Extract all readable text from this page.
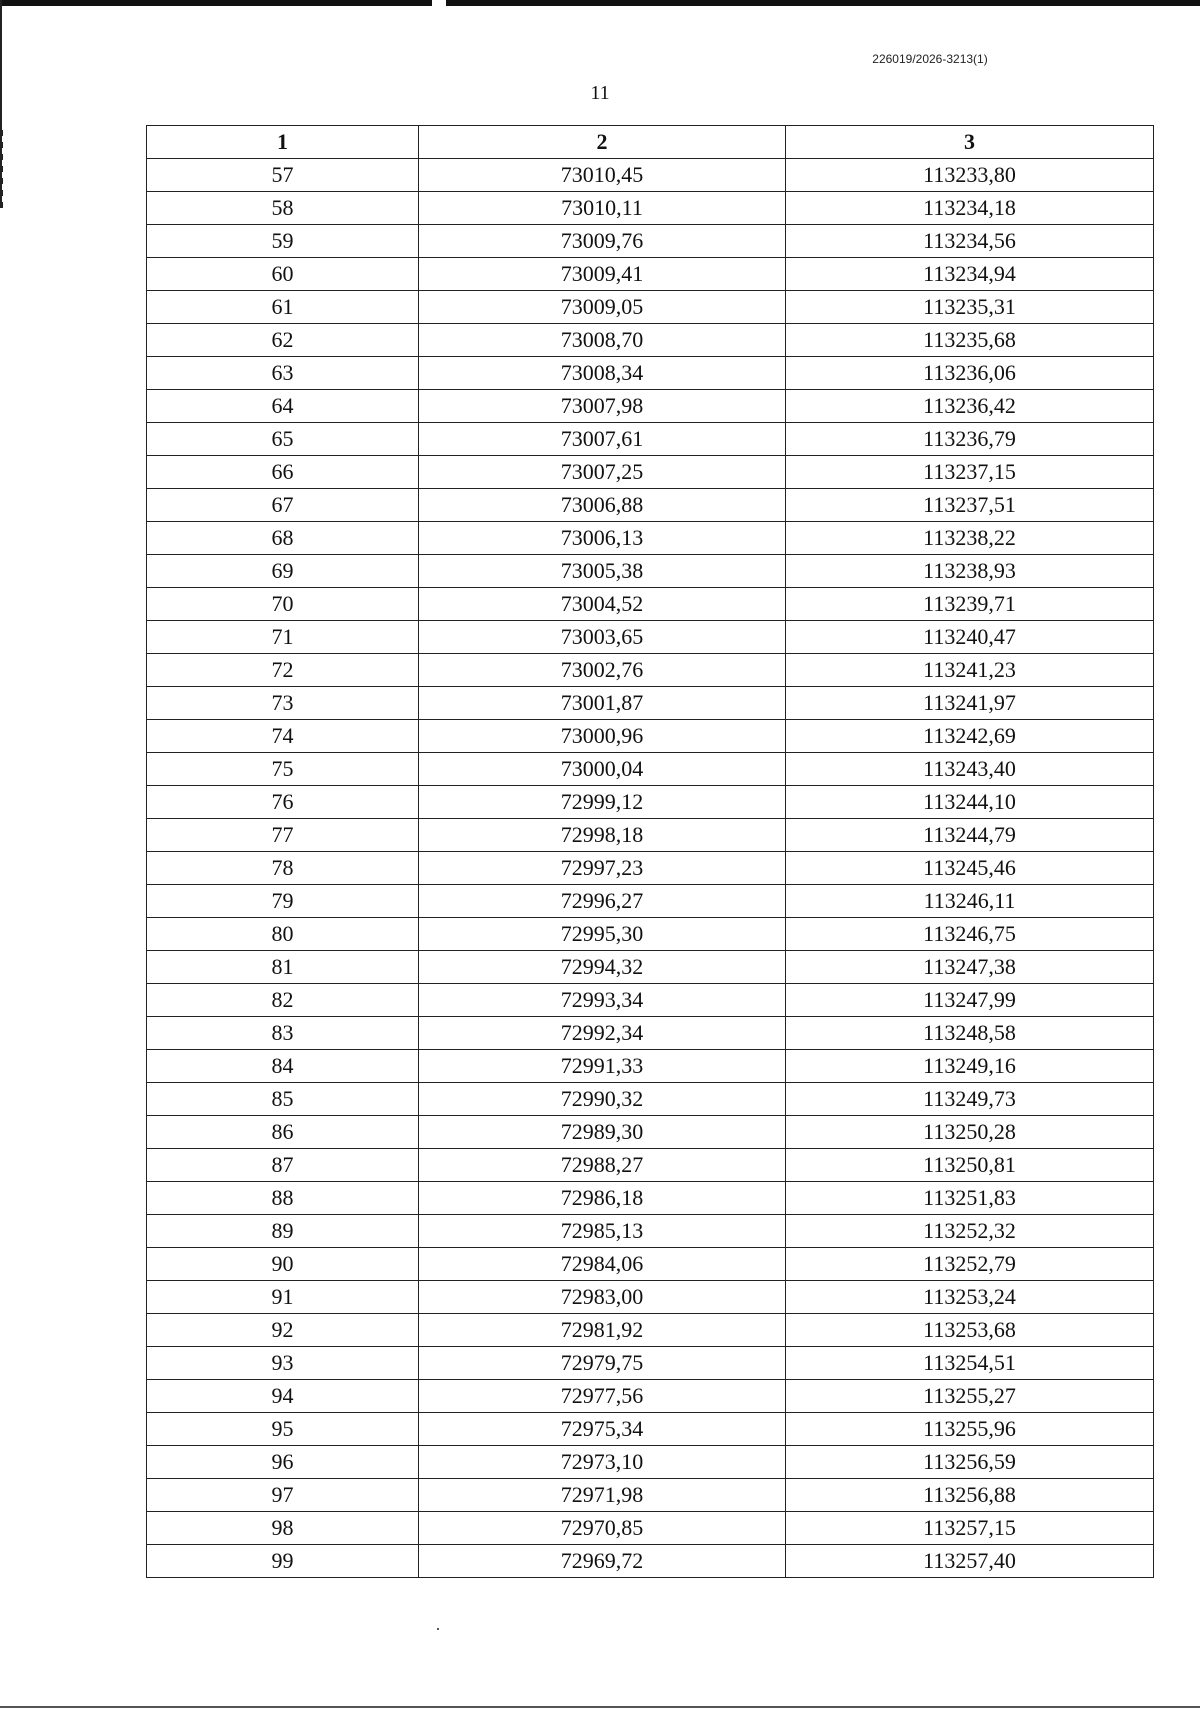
226019/2026-3213(1)
11
1	2	3
57	73010,45	113233,80
58	73010,11	113234,18
59	73009,76	113234,56
60	73009,41	113234,94
61	73009,05	113235,31
62	73008,70	113235,68
63	73008,34	113236,06
64	73007,98	113236,42
65	73007,61	113236,79
66	73007,25	113237,15
67	73006,88	113237,51
68	73006,13	113238,22
69	73005,38	113238,93
70	73004,52	113239,71
71	73003,65	113240,47
72	73002,76	113241,23
73	73001,87	113241,97
74	73000,96	113242,69
75	73000,04	113243,40
76	72999,12	113244,10
77	72998,18	113244,79
78	72997,23	113245,46
79	72996,27	113246,11
80	72995,30	113246,75
81	72994,32	113247,38
82	72993,34	113247,99
83	72992,34	113248,58
84	72991,33	113249,16
85	72990,32	113249,73
86	72989,30	113250,28
87	72988,27	113250,81
88	72986,18	113251,83
89	72985,13	113252,32
90	72984,06	113252,79
91	72983,00	113253,24
92	72981,92	113253,68
93	72979,75	113254,51
94	72977,56	113255,27
95	72975,34	113255,96
96	72973,10	113256,59
97	72971,98	113256,88
98	72970,85	113257,15
99	72969,72	113257,40
